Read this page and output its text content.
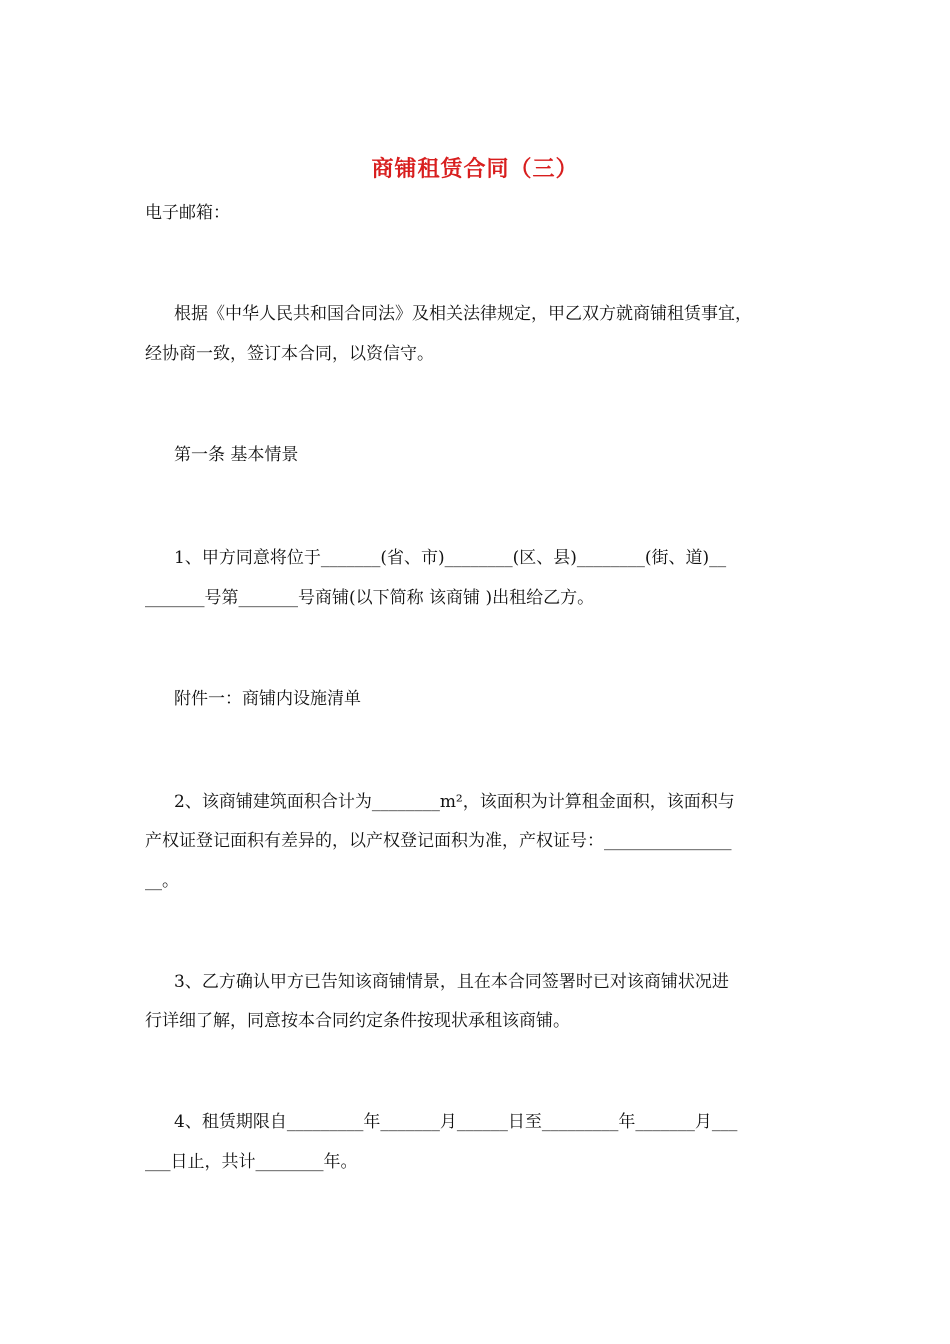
商铺租赁合同（三）
电子邮箱：
根据《中华人民共和国合同法》及相关法律规定，甲乙双方就商铺租赁事宜，
经协商一致，签订本合同，以资信守。
第一条 基本情景
1、甲方同意将位于_______(省、市)________(区、县)________(街、道)__
_______号第_______号商铺(以下简称 该商铺 )出租给乙方。
附件一：商铺内设施清单
2、该商铺建筑面积合计为________m²，该面积为计算租金面积，该面积与
产权证登记面积有差异的，以产权登记面积为准，产权证号：_______________
__。
3、乙方确认甲方已告知该商铺情景，且在本合同签署时已对该商铺状况进
行详细了解，同意按本合同约定条件按现状承租该商铺。
4、租赁期限自_________年_______月______日至_________年_______月___
___日止，共计________年。
